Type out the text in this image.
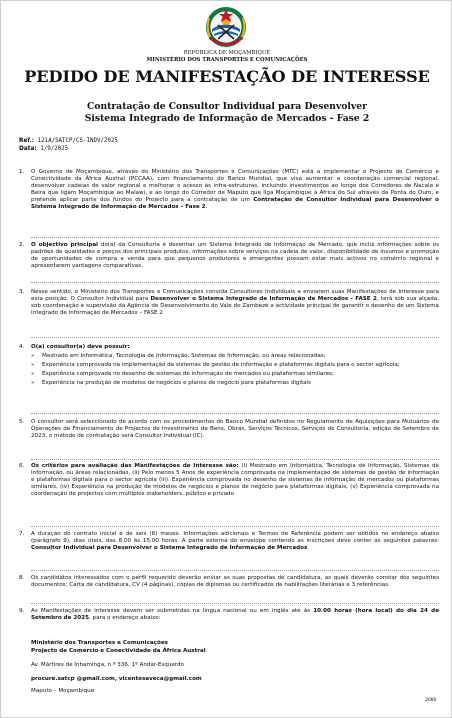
REPÚBLICA DE MOÇAMBIQUE
MINISTÉRIO DOS TRANSPORTES E COMUNICAÇÕES
PEDIDO DE MANIFESTAÇÃO DE INTERESSE
Contratação de Consultor Individual para Desenvolver
Sistema Integrado de Informação de Mercados - Fase 2
Ref.: 121A/SATCP/CS-INDV/2025
Data: 1/9/2025
1.	O Governo de Moçambique, através do Ministério dos Transportes e Comunicações (MTC) está a implementar o Projecto de Comércio e Conectividade da África Austral (PCCAA), com financiamento do Banco Mundial, que visa aumentar a coordenação comercial regional, desenvolver cadeias de valor regional e melhorar o acesso às infra-estruturas, incluindo investimentos ao longo dos Corredores de Nacala e Beira que ligam Moçambique ao Malawi, e ao longo do Corredor de Maputo que liga Moçambique à África do Sul através da Ponta do Ouro, e pretende aplicar parte dos fundos do Projecto para a contratação de um Contratação de Consultor Individual para Desenvolver o Sistema Integrado de Informação de Mercados – Fase 2.
2.	O objectivo principal do(a) da Consultoria é desenhar um Sistema Integrado de Informação de Mercado, que inclui informações sobre os padrões de qualidades e preços dos principais produtos, informações sobre serviços na cadeia de valor, disponibilidade de insumos e promoção de oportunidades de compra e venda para que pequenos produtores e emergentes possam estar mais activos no comércio regional e apresentarem vantagens comparativas.
3.	Nesse sentido, o Ministério dos Transportes e Comunicações convida Consultores Individuais a enviarem suas Manifestações de Interesse para esta posição. O Consultor Individual para Desenvolver o Sistema Integrado de Informação de Mercados - FASE 2, terá sob sua alçada, sob coordenação e supervisão da Agência de Desenvolvimento do Vale do Zambeze a actividade principal de garantir o desenho de um Sistema Integrado de Informação de Mercados – FASE 2
4.	O(a) consultor(a) deve possuir:
» Mestrado em Informática, Tecnologia de Informação, Sistemas de Informação, ou áreas relacionadas;
» Experiência comprovada na implementação de sistemas de gestão de informação e plataformas digitais para o sector agrícola;
» Experiência comprovada no desenho de sistemas de informação de mercados ou plataformas similares;
» Experiência na produção de modelos de negócios e planos de negócio para plataformas digitais
5.	O consultor será seleccionado de acordo com os procedimentos do Banco Mundial definidos no Regulamento de Aquisições para Mutuários de Operações de Financiamento de Projectos de Investimento de Bens, Obras, Serviços Técnicos, Serviços de Consultoria, edição de Setembro de 2023, o método de contratação será Consultor Individual (IC).
6.	Os critérios para avaliação das Manifestações de Interesse são: (i) Mestrado em Informática, Tecnologia de Informação, Sistemas de Informação, ou áreas relacionadas, (ii) Pelo menos 5 Anos de experiência comprovada na implementação de sistemas de gestão de informação e plataformas digitais para o sector agrícola (iii). Experiência comprovada no desenho de sistemas de informação de mercados ou plataformas similares, (iv) Experiência na produção de modelos de negócios e planos de negócio para plataformas digitais, (v) Experiência comprovada na coordenação de projectos com múltiplos stakeholders, público e privado
7.	A duração do contrato inicial é de seis (6) meses. Informações adicionais e Termos de Referência podem ser obtidos no endereço abaixo (parágrafo 9), dias úteis, das 8.00 às 15.00 horas. A parte externa do envelope contendo as inscrições deve conter as seguintes palavras: Consultor Individual para Desenvolver o Sistema Integrado de Informação de Mercados
8.	Os candidatos interessados com o perfil requerido deverão enviar as suas propostas de candidatura, as quais deverão constar dos seguintes documentos: Carta de candidatura, CV (4 páginas), cópias de diplomas ou certificados de habilitações literárias e 3 referências.
9.	As Manifestações de interesse devem ser submetidas na língua nacional ou em inglês até às 10.00 horas (hora local) do dia 24 de Setembro de 2025, para o endereço abaixo:
Ministério dos Transportes e Comunicações
Projecto de Comércio e Conectividade da África Austral
Av. Mártires de Inhaminga, n.º 336, 1º Andar-Esquerdo
procure.satcp @gmail.com, vicentesaveca@gmail.com
Maputo – Moçambique
2080
